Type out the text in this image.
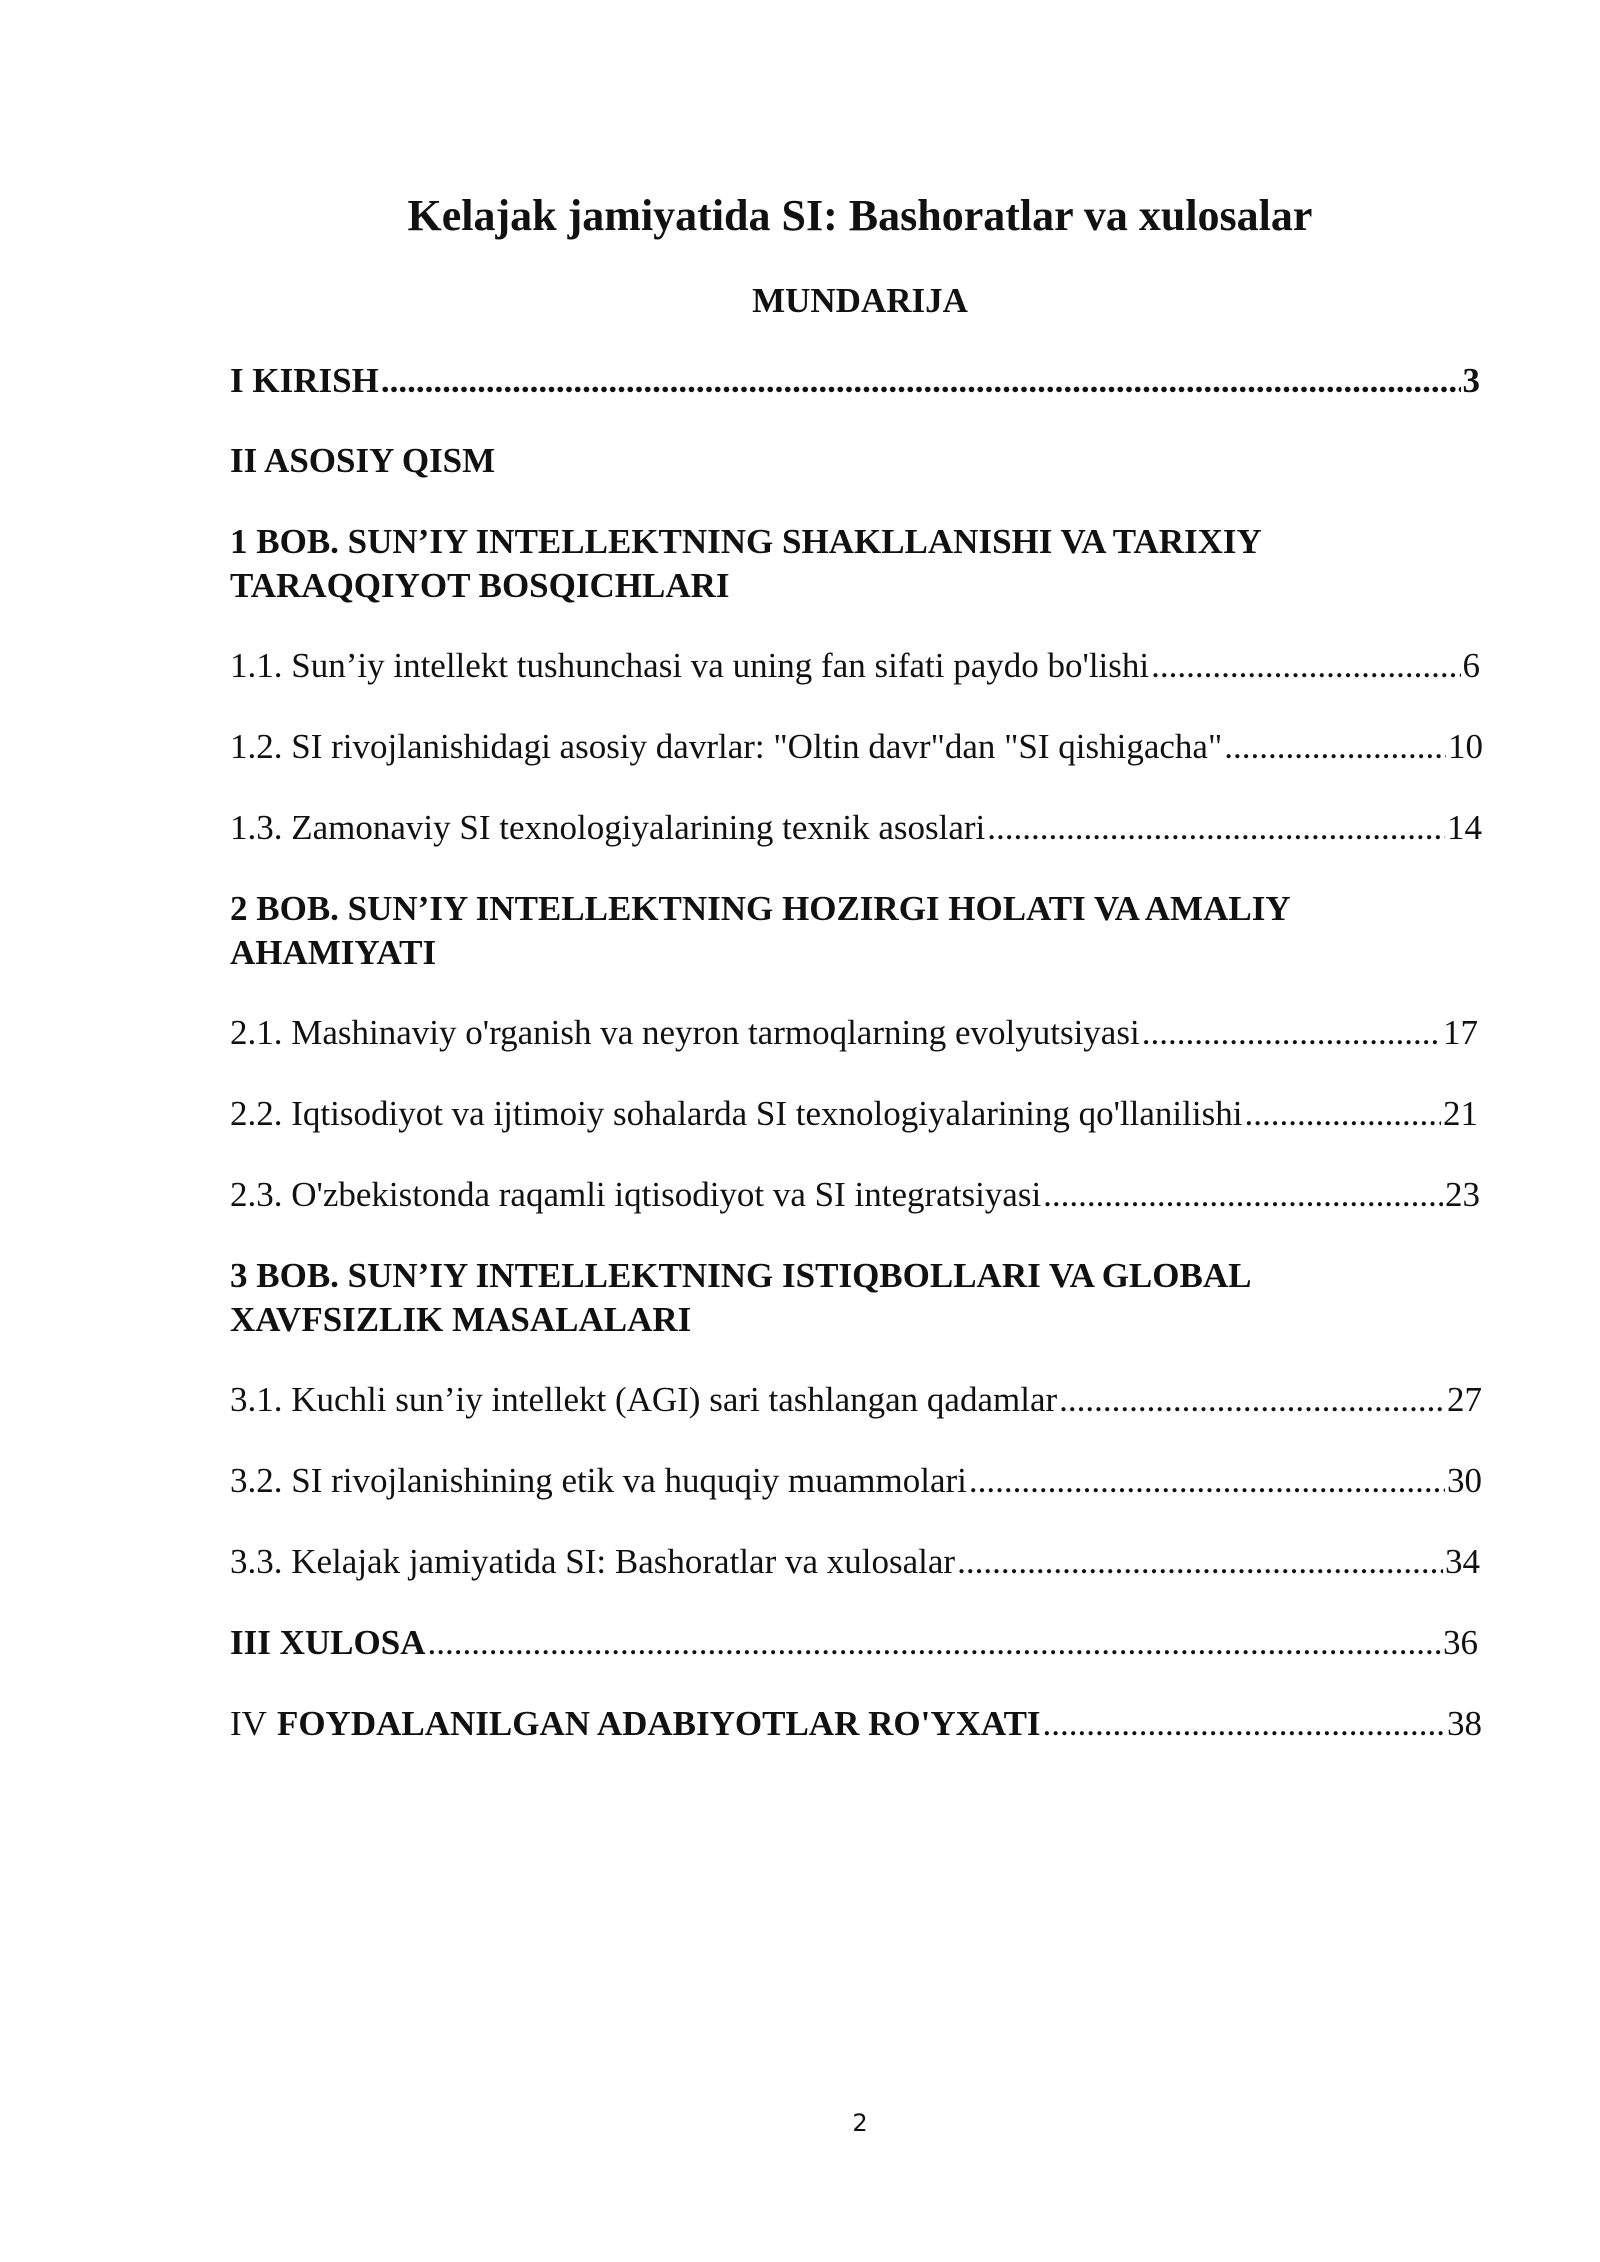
Kelajak jamiyatida SI: Bashoratlar va xulosalar
MUNDARIJA
I KIRISH .....	3
II ASOSIY QISM
1 BOB. SUN’IY INTELLEKTNING SHAKLLANISHI VA TARIXIY TARAQQIYOT BOSQICHLARI
1.1. Sun’iy intellekt tushunchasi va uning fan sifati paydo bo'lishi .....	6
1.2. SI rivojlanishidagi asosiy davrlar: "Oltin davr"dan "SI qishigacha" .....	10
1.3. Zamonaviy SI texnologiyalarining texnik asoslari .....	14
2 BOB. SUN’IY INTELLEKTNING HOZIRGI HOLATI VA AMALIY AHAMIYATI
2.1. Mashinaviy o'rganish va neyron tarmoqlarning evolyutsiyasi .....	17
2.2. Iqtisodiyot va ijtimoiy sohalarda SI texnologiyalarining qo'llanilishi .....	21
2.3. O'zbekistonda raqamli iqtisodiyot va SI integratsiyasi .....	23
3 BOB. SUN’IY INTELLEKTNING ISTIQBOLLARI VA GLOBAL XAVFSIZLIK MASALALARI
3.1. Kuchli sun’iy intellekt (AGI) sari tashlangan qadamlar .....	27
3.2. SI rivojlanishining etik va huquqiy muammolari .....	30
3.3. Kelajak jamiyatida SI: Bashoratlar va xulosalar .....	34
III XULOSA .....	36
IV FOYDALANILGAN ADABIYOTLAR RO'YXATI .....	38
2
